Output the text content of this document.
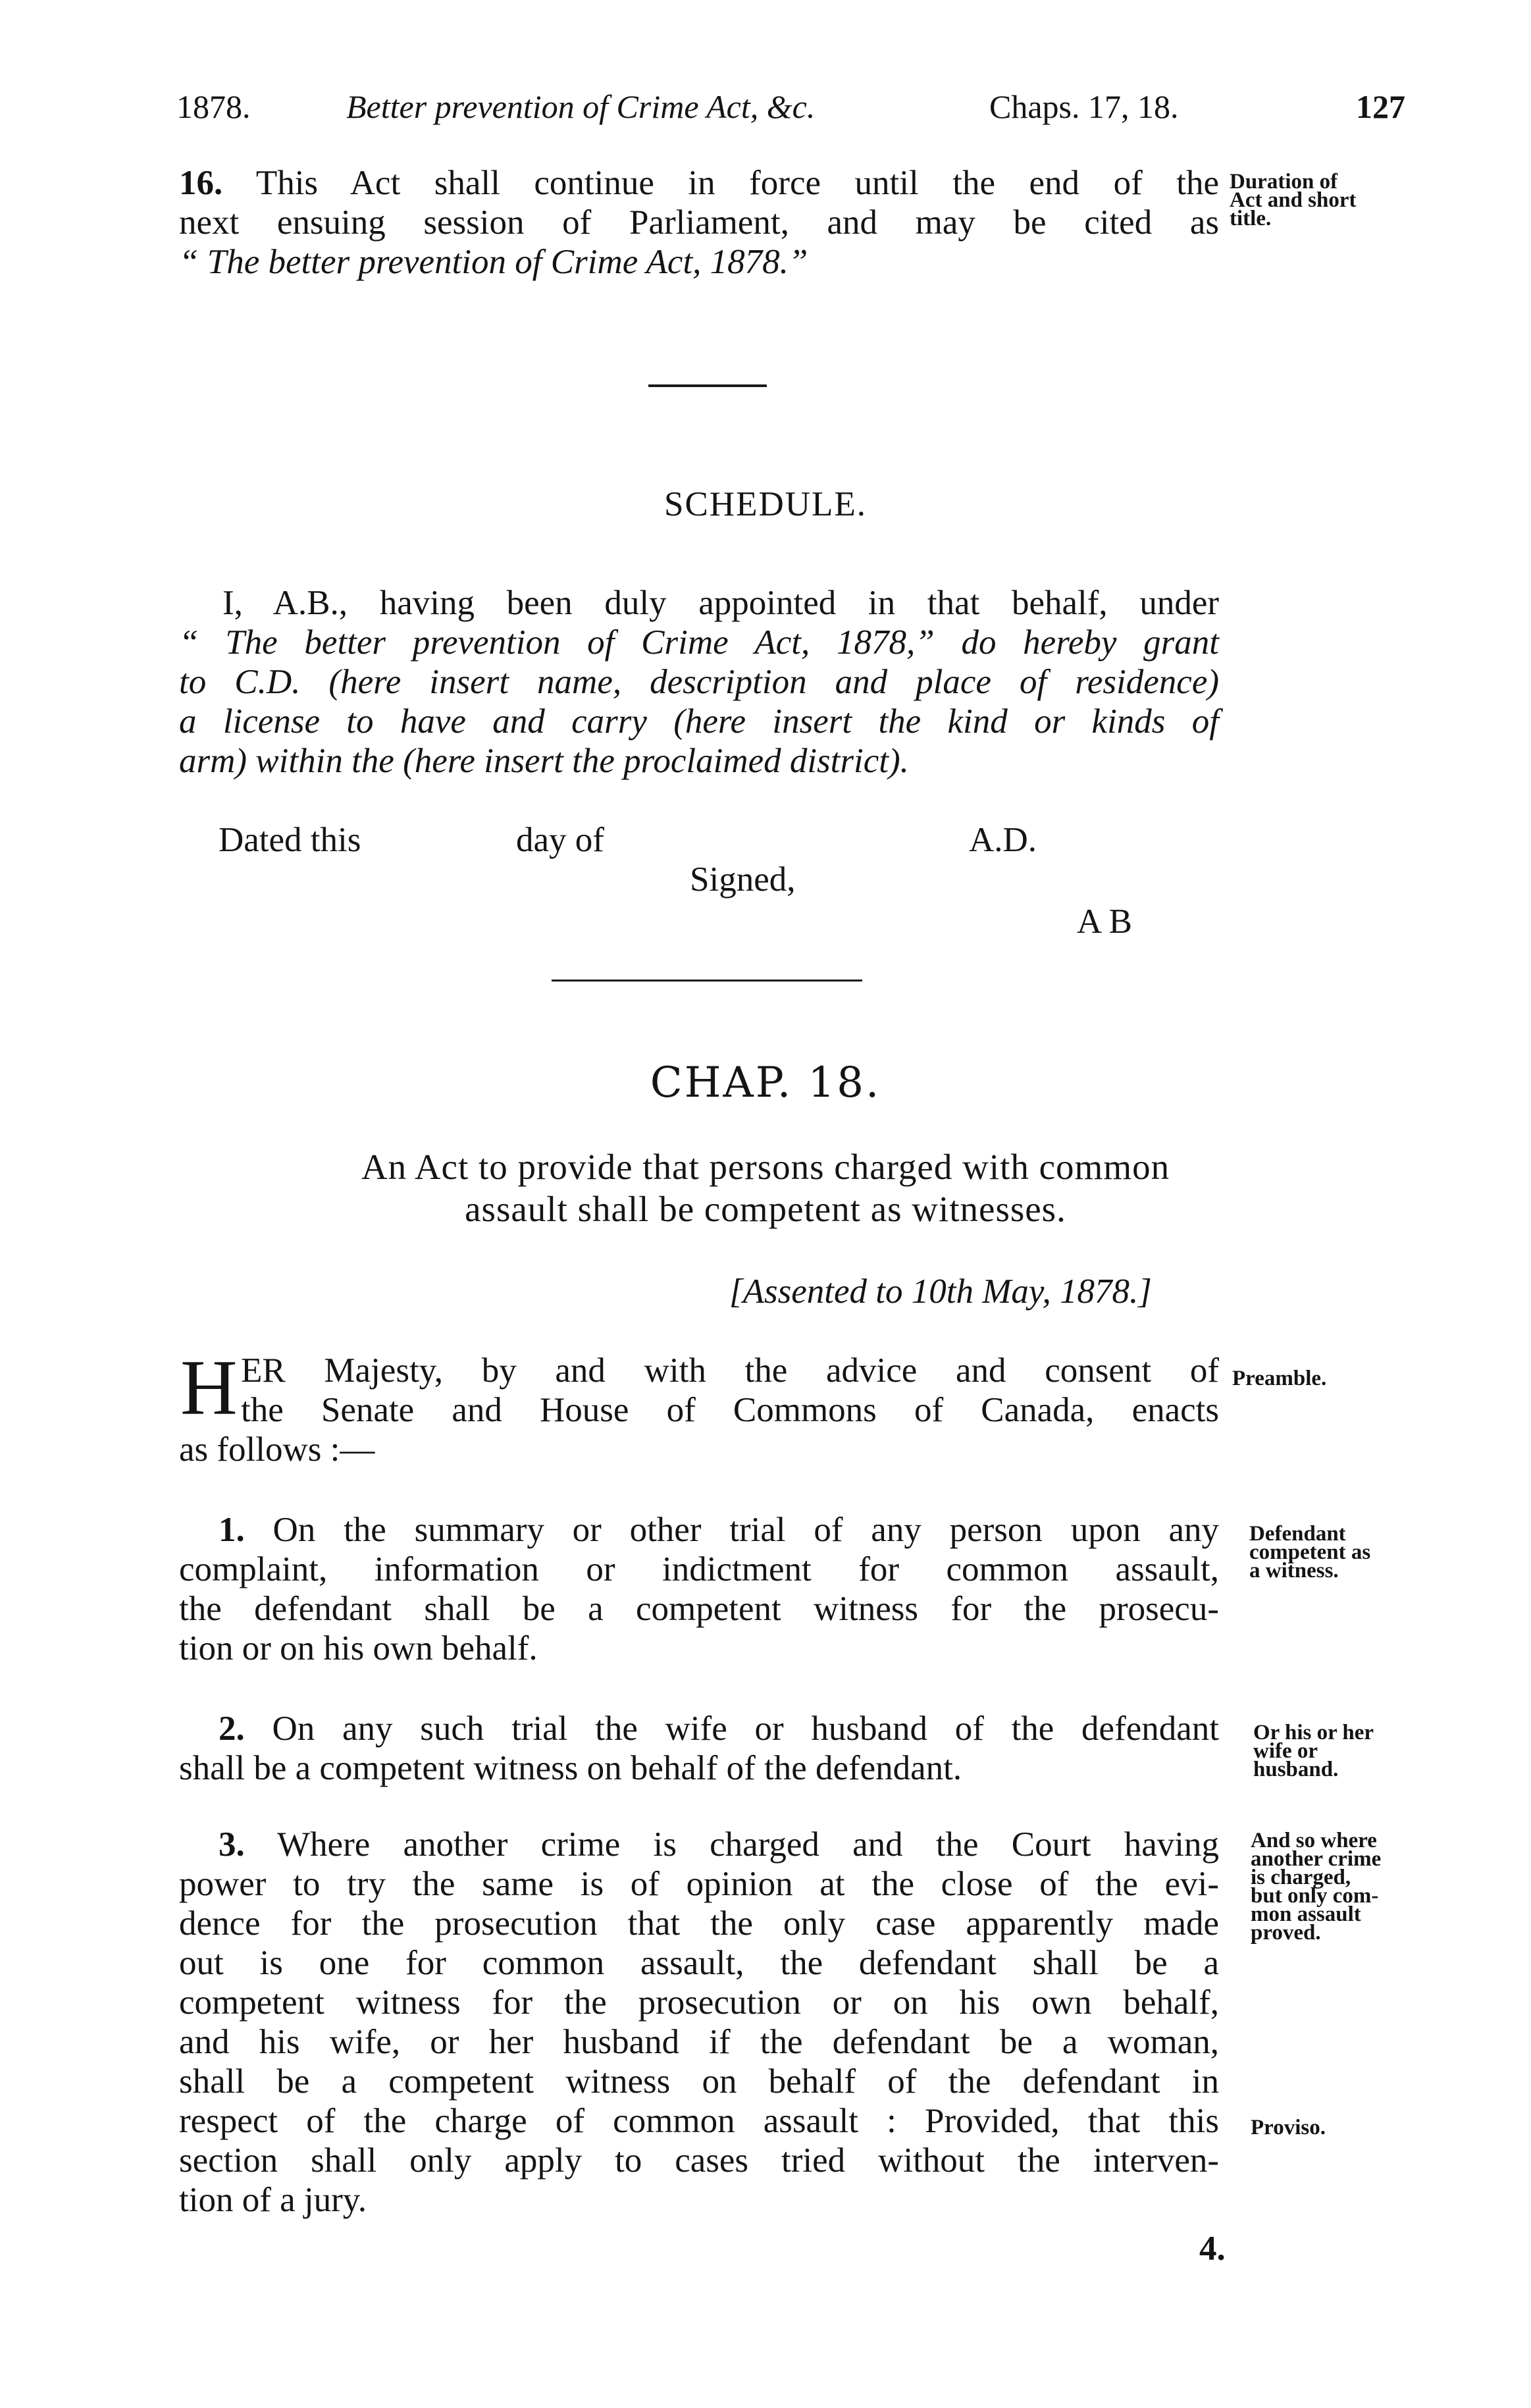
1878.	Better prevention of Crime Act, &c.	Chaps. 17, 18.	127
16. This Act shall continue in force until the end of the
next ensuing session of Parliament, and may be cited as
“ The better prevention of Crime Act, 1878.”
Duration of
Act and short
title.
SCHEDULE.
I, A.B., having been duly appointed in that behalf, under
“ The better prevention of Crime Act, 1878,” do hereby grant
to C.D. (here insert name, description and place of residence)
a license to have and carry (here insert the kind or kinds of
arm) within the (here insert the proclaimed district).
Dated this	day of	A.D.
Signed,
A B
CHAP. 18.
An Act to provide that persons charged with common
assault shall be competent as witnesses.
[Assented to 10th May, 1878.]
H ER Majesty, by and with the advice and consent of
the Senate and House of Commons of Canada, enacts
as follows :—
Preamble.
1. On the summary or other trial of any person upon any
complaint, information or indictment for common assault,
the defendant shall be a competent witness for the prosecu-
tion or on his own behalf.
Defendant
competent as
a witness.
2. On any such trial the wife or husband of the defendant
shall be a competent witness on behalf of the defendant.
Or his or her
wife or
husband.
3. Where another crime is charged and the Court having
power to try the same is of opinion at the close of the evi-
dence for the prosecution that the only case apparently made
out is one for common assault, the defendant shall be a
competent witness for the prosecution or on his own behalf,
and his wife, or her husband if the defendant be a woman,
shall be a competent witness on behalf of the defendant in
respect of the charge of common assault : Provided, that this
section shall only apply to cases tried without the interven-
tion of a jury.
And so where
another crime
is charged,
but only com-
mon assault
proved.
Proviso.
4.
